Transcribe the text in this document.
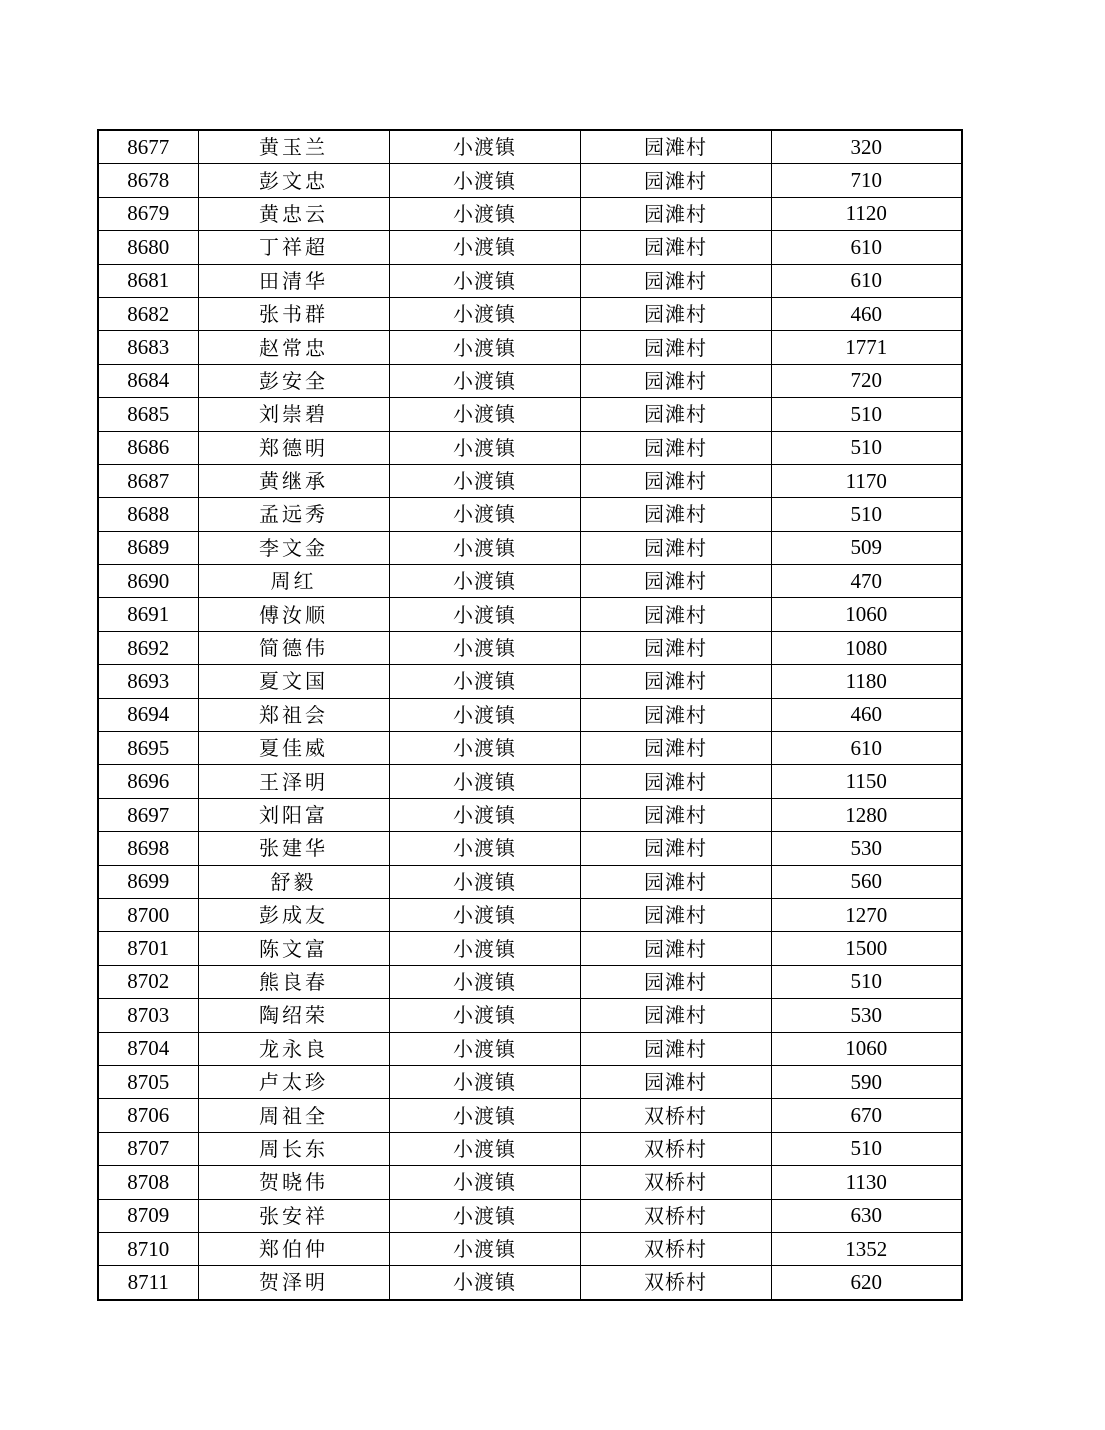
8677	黄玉兰	小渡镇	园滩村	320
8678	彭文忠	小渡镇	园滩村	710
8679	黄忠云	小渡镇	园滩村	1120
8680	丁祥超	小渡镇	园滩村	610
8681	田清华	小渡镇	园滩村	610
8682	张书群	小渡镇	园滩村	460
8683	赵常忠	小渡镇	园滩村	1771
8684	彭安全	小渡镇	园滩村	720
8685	刘崇碧	小渡镇	园滩村	510
8686	郑德明	小渡镇	园滩村	510
8687	黄继承	小渡镇	园滩村	1170
8688	孟远秀	小渡镇	园滩村	510
8689	李文金	小渡镇	园滩村	509
8690	周红	小渡镇	园滩村	470
8691	傅汝顺	小渡镇	园滩村	1060
8692	简德伟	小渡镇	园滩村	1080
8693	夏文国	小渡镇	园滩村	1180
8694	郑祖会	小渡镇	园滩村	460
8695	夏佳威	小渡镇	园滩村	610
8696	王泽明	小渡镇	园滩村	1150
8697	刘阳富	小渡镇	园滩村	1280
8698	张建华	小渡镇	园滩村	530
8699	舒毅	小渡镇	园滩村	560
8700	彭成友	小渡镇	园滩村	1270
8701	陈文富	小渡镇	园滩村	1500
8702	熊良春	小渡镇	园滩村	510
8703	陶绍荣	小渡镇	园滩村	530
8704	龙永良	小渡镇	园滩村	1060
8705	卢太珍	小渡镇	园滩村	590
8706	周祖全	小渡镇	双桥村	670
8707	周长东	小渡镇	双桥村	510
8708	贺晓伟	小渡镇	双桥村	1130
8709	张安祥	小渡镇	双桥村	630
8710	郑伯仲	小渡镇	双桥村	1352
8711	贺泽明	小渡镇	双桥村	620
